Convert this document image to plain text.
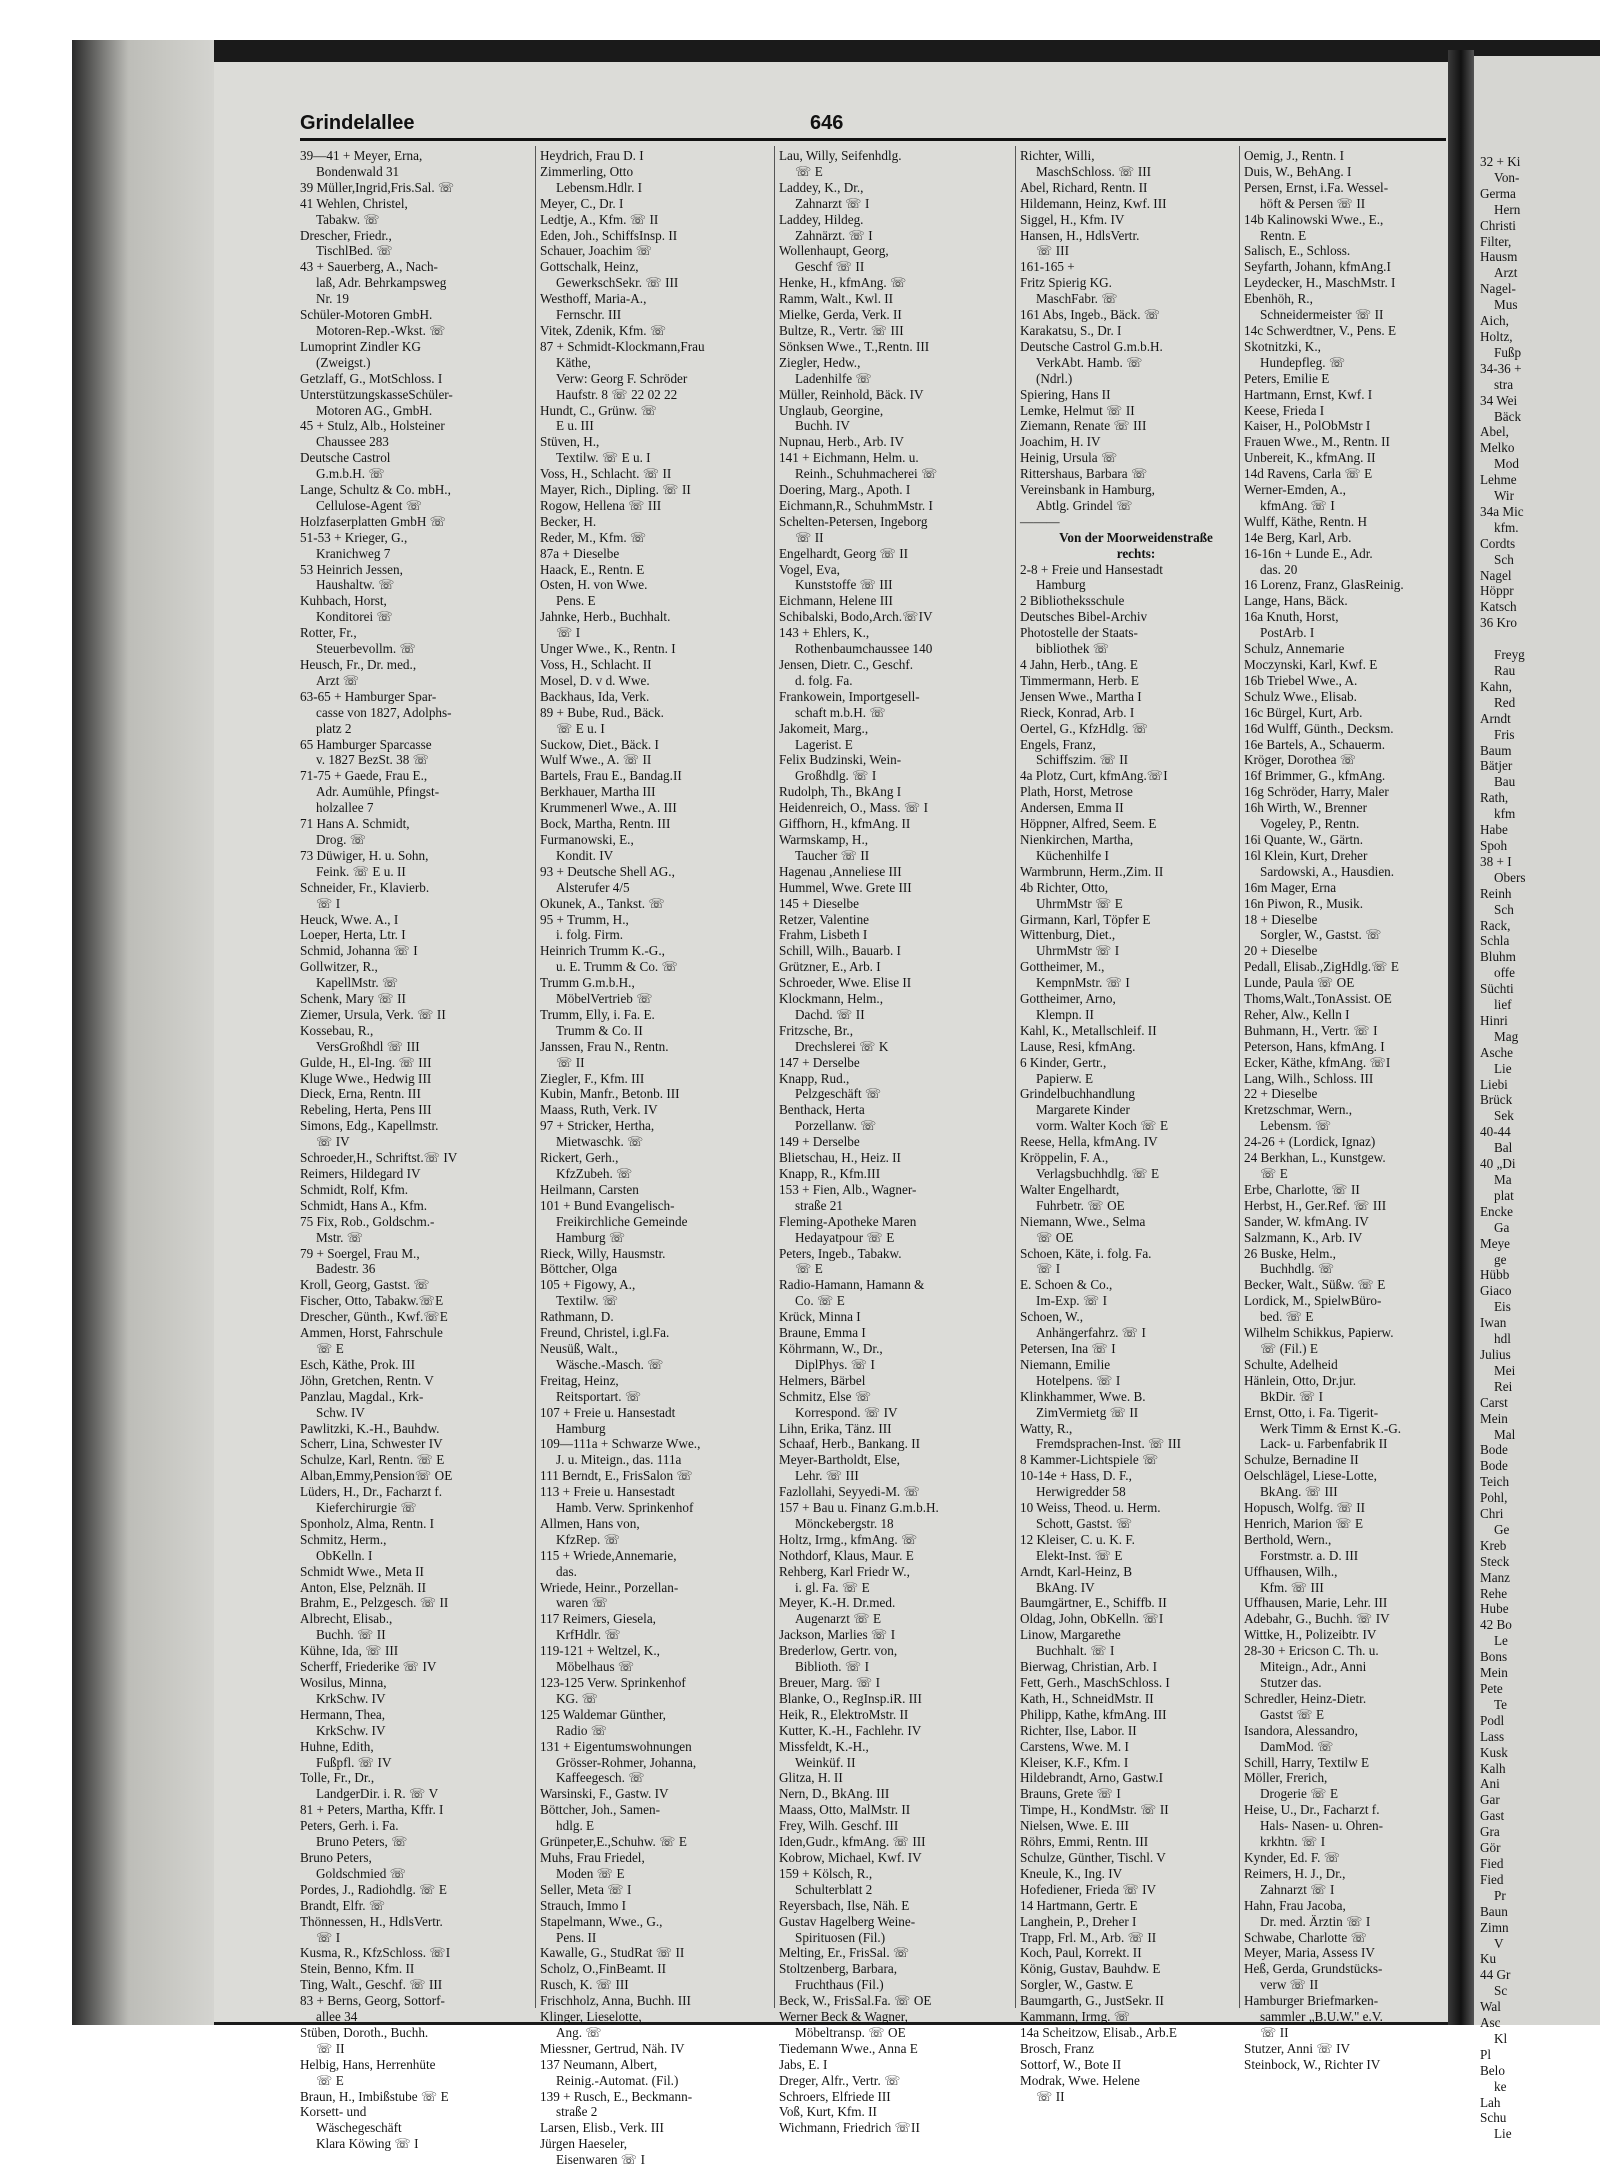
Grindelallee	646
39—41 + Meyer, Erna,
Bondenwald 31
39 Müller,Ingrid,Fris.Sal. ☏
41 Wehlen, Christel,
Tabakw. ☏
Drescher, Friedr.,
TischlBed. ☏
43 + Sauerberg, A., Nach-
laß, Adr. Behrkampsweg
Nr. 19
Schüler-Motoren GmbH.
Motoren-Rep.-Wkst. ☏
Lumoprint Zindler KG
(Zweigst.)
Getzlaff, G., MotSchloss. I
UnterstützungskasseSchüler-
Motoren AG., GmbH.
45 + Stulz, Alb., Holsteiner
Chaussee 283
Deutsche Castrol
G.m.b.H. ☏
Lange, Schultz & Co. mbH.,
Cellulose-Agent ☏
Holzfaserplatten GmbH ☏
51-53 + Krieger, G.,
Kranichweg 7
53 Heinrich Jessen,
Haushaltw. ☏
Kuhbach, Horst,
Konditorei ☏
Rotter, Fr.,
Steuerbevollm. ☏
Heusch, Fr., Dr. med.,
Arzt ☏
63-65 + Hamburger Spar-
casse von 1827, Adolphs-
platz 2
65 Hamburger Sparcasse
v. 1827 BezSt. 38 ☏
71-75 + Gaede, Frau E.,
Adr. Aumühle, Pfingst-
holzallee 7
71 Hans A. Schmidt,
Drog. ☏
73 Düwiger, H. u. Sohn,
Feink. ☏ E u. II
Schneider, Fr., Klavierb.
☏ I
Heuck, Wwe. A., I
Loeper, Herta, Ltr. I
Schmid, Johanna ☏ I
Gollwitzer, R.,
KapellMstr. ☏
Schenk, Mary ☏ II
Ziemer, Ursula, Verk. ☏ II
Kossebau, R.,
VersGroßhdl ☏ III
Gulde, H., El-Ing. ☏ III
Kluge Wwe., Hedwig III
Dieck, Erna, Rentn. III
Rebeling, Herta, Pens III
Simons, Edg., Kapellmstr.
☏ IV
Schroeder,H., Schriftst.☏ IV
Reimers, Hildegard IV
Schmidt, Rolf, Kfm.
Schmidt, Hans A., Kfm.
75 Fix, Rob., Goldschm.-
Mstr. ☏
79 + Soergel, Frau M.,
Badestr. 36
Kroll, Georg, Gastst. ☏
Fischer, Otto, Tabakw.☏E
Drescher, Günth., Kwf.☏E
Ammen, Horst, Fahrschule
☏ E
Esch, Käthe, Prok. III
Jöhn, Gretchen, Rentn. V
Panzlau, Magdal., Krk-
Schw. IV
Pawlitzki, K.-H., Bauhdw.
Scherr, Lina, Schwester IV
Schulze, Karl, Rentn. ☏ E
Alban,Emmy,Pension☏ OE
Lüders, H., Dr., Facharzt f.
Kieferchirurgie ☏
Sponholz, Alma, Rentn. I
Schmitz, Herm.,
ObKelln. I
Schmidt Wwe., Meta II
Anton, Else, Pelznäh. II
Brahm, E., Pelzgesch. ☏ II
Albrecht, Elisab.,
Buchh. ☏ II
Kühne, Ida, ☏ III
Scherff, Friederike ☏ IV
Wosilus, Minna,
KrkSchw. IV
Hermann, Thea,
KrkSchw. IV
Huhne, Edith,
Fußpfl. ☏ IV
Tolle, Fr., Dr.,
LandgerDir. i. R. ☏ V
81 + Peters, Martha, Kffr. I
Peters, Gerh. i. Fa.
Bruno Peters, ☏
Bruno Peters,
Goldschmied ☏
Pordes, J., Radiohdlg. ☏ E
Brandt, Elfr. ☏
Thönnessen, H., HdlsVertr.
☏ I
Kusma, R., KfzSchloss. ☏I
Stein, Benno, Kfm. II
Ting, Walt., Geschf. ☏ III
83 + Berns, Georg, Sottorf-
allee 34
Stüben, Doroth., Buchh.
☏ II
Helbig, Hans, Herrenhüte
☏ E
Braun, H., Imbißstube ☏ E
Korsett- und
Wäschegeschäft
Klara Köwing ☏ I
Heydrich, Frau D. I
Zimmerling, Otto
Lebensm.Hdlr. I
Meyer, C., Dr. I
Ledtje, A., Kfm. ☏ II
Eden, Joh., SchiffsInsp. II
Schauer, Joachim ☏
Gottschalk, Heinz,
GewerkschSekr. ☏ III
Westhoff, Maria-A.,
Fernschr. III
Vitek, Zdenik, Kfm. ☏
87 + Schmidt-Klockmann,Frau
Käthe,
Verw: Georg F. Schröder
Haufstr. 8 ☏ 22 02 22
Hundt, C., Grünw. ☏
E u. III
Stüven, H.,
Textilw. ☏ E u. I
Voss, H., Schlacht. ☏ II
Mayer, Rich., Dipling. ☏ II
Rogow, Hellena ☏ III
Becker, H.
Reder, M., Kfm. ☏
87a + Dieselbe
Haack, E., Rentn. E
Osten, H. von Wwe.
Pens. E
Jahnke, Herb., Buchhalt.
☏ I
Unger Wwe., K., Rentn. I
Voss, H., Schlacht. II
Mosel, D. v d. Wwe.
Backhaus, Ida, Verk.
89 + Bube, Rud., Bäck.
☏ E u. I
Suckow, Diet., Bäck. I
Wulf Wwe., A. ☏ II
Bartels, Frau E., Bandag.II
Berkhauer, Martha III
Krummenerl Wwe., A. III
Bock, Martha, Rentn. III
Furmanowski, E.,
Kondit. IV
93 + Deutsche Shell AG.,
Alsterufer 4/5
Okunek, A., Tankst. ☏
95 + Trumm, H.,
i. folg. Firm.
Heinrich Trumm K.-G.,
u. E. Trumm & Co. ☏
Trumm G.m.b.H.,
MöbelVertrieb ☏
Trumm, Elly, i. Fa. E.
Trumm & Co. II
Janssen, Frau N., Rentn.
☏ II
Ziegler, F., Kfm. III
Kubin, Manfr., Betonb. III
Maass, Ruth, Verk. IV
97 + Stricker, Hertha,
Mietwaschk. ☏
Rickert, Gerh.,
KfzZubeh. ☏
Heilmann, Carsten
101 + Bund Evangelisch-
Freikirchliche Gemeinde
Hamburg ☏
Rieck, Willy, Hausmstr.
Böttcher, Olga
105 + Figowy, A.,
Textilw. ☏
Rathmann, D.
Freund, Christel, i.gl.Fa.
Neusüß, Walt.,
Wäsche.-Masch. ☏
Freitag, Heinz,
Reitsportart. ☏
107 + Freie u. Hansestadt
Hamburg
109—111a + Schwarze Wwe.,
J. u. Miteign., das. 111a
111 Berndt, E., FrisSalon ☏
113 + Freie u. Hansestadt
Hamb. Verw. Sprinkenhof
Allmen, Hans von,
KfzRep. ☏
115 + Wriede,Annemarie,
das.
Wriede, Heinr., Porzellan-
waren ☏
117 Reimers, Giesela,
KrfHdlr. ☏
119-121 + Weltzel, K.,
Möbelhaus ☏
123-125 Verw. Sprinkenhof
KG. ☏
125 Waldemar Günther,
Radio ☏
131 + Eigentumswohnungen
Grösser-Rohmer, Johanna,
Kaffeegesch. ☏
Warsinski, F., Gastw. IV
Böttcher, Joh., Samen-
hdlg. E
Grünpeter,E.,Schuhw. ☏ E
Muhs, Frau Friedel,
Moden ☏ E
Seller, Meta ☏ I
Strauch, Immo I
Stapelmann, Wwe., G.,
Pens. II
Kawalle, G., StudRat ☏ II
Scholz, O.,FinBeamt. II
Rusch, K. ☏ III
Frischholz, Anna, Buchh. III
Klinger, Lieselotte,
Ang. ☏
Miessner, Gertrud, Näh. IV
137 Neumann, Albert,
Reinig.-Automat. (Fil.)
139 + Rusch, E., Beckmann-
straße 2
Larsen, Elisb., Verk. III
Jürgen Haeseler,
Eisenwaren ☏ I
Lau, Willy, Seifenhdlg.
☏ E
Laddey, K., Dr.,
Zahnarzt ☏ I
Laddey, Hildeg.
Zahnärzt. ☏ I
Wollenhaupt, Georg,
Geschf ☏ II
Henke, H., kfmAng. ☏
Ramm, Walt., Kwl. II
Mielke, Gerda, Verk. II
Bultze, R., Vertr. ☏ III
Sönksen Wwe., T.,Rentn. III
Ziegler, Hedw.,
Ladenhilfe ☏
Müller, Reinhold, Bäck. IV
Unglaub, Georgine,
Buchh. IV
Nupnau, Herb., Arb. IV
141 + Eichmann, Helm. u.
Reinh., Schuhmacherei ☏
Doering, Marg., Apoth. I
Eichmann,R., SchuhmMstr. I
Schelten-Petersen, Ingeborg
☏ II
Engelhardt, Georg ☏ II
Vogel, Eva,
Kunststoffe ☏ III
Eichmann, Helene III
Schibalski, Bodo,Arch.☏IV
143 + Ehlers, K.,
Rothenbaumchaussee 140
Jensen, Dietr. C., Geschf.
d. folg. Fa.
Frankowein, Importgesell-
schaft m.b.H. ☏
Jakomeit, Marg.,
Lagerist. E
Felix Budzinski, Wein-
Großhdlg. ☏ I
Rudolph, Th., BkAng I
Heidenreich, O., Mass. ☏ I
Giffhorn, H., kfmAng. II
Warmskamp, H.,
Taucher ☏ II
Hagenau ,Anneliese III
Hummel, Wwe. Grete III
145 + Dieselbe
Retzer, Valentine
Frahm, Lisbeth I
Schill, Wilh., Bauarb. I
Grützner, E., Arb. I
Schroeder, Wwe. Elise II
Klockmann, Helm.,
Dachd. ☏ II
Fritzsche, Br.,
Drechslerei ☏ K
147 + Derselbe
Knapp, Rud.,
Pelzgeschäft ☏
Benthack, Herta
Porzellanw. ☏
149 + Derselbe
Blietschau, H., Heiz. II
Knapp, R., Kfm.III
153 + Fien, Alb., Wagner-
straße 21
Fleming-Apotheke Maren
Hedayatpour ☏ E
Peters, Ingeb., Tabakw.
☏ E
Radio-Hamann, Hamann &
Co. ☏ E
Krück, Minna I
Braune, Emma I
Köhrmann, W., Dr.,
DiplPhys. ☏ I
Helmers, Bärbel
Schmitz, Else ☏
Korrespond. ☏ IV
Lihn, Erika, Tänz. III
Schaaf, Herb., Bankang. II
Meyer-Bartholdt, Else,
Lehr. ☏ III
Fazlollahi, Seyyedi-M. ☏
157 + Bau u. Finanz G.m.b.H.
Mönckebergstr. 18
Holtz, Irmg., kfmAng. ☏
Nothdorf, Klaus, Maur. E
Rehberg, Karl Friedr W.,
i. gl. Fa. ☏ E
Meyer, K.-H. Dr.med.
Augenarzt ☏ E
Jackson, Marlies ☏ I
Brederlow, Gertr. von,
Biblioth. ☏ I
Breuer, Marg. ☏ I
Blanke, O., RegInsp.iR. III
Heik, R., ElektroMstr. II
Kutter, K.-H., Fachlehr. IV
Missfeldt, K.-H.,
Weinküf. II
Glitza, H. II
Nern, D., BkAng. III
Maass, Otto, MalMstr. II
Frey, Wilh. Geschf. III
Iden,Gudr., kfmAng. ☏ III
Kobrow, Michael, Kwf. IV
159 + Kölsch, R.,
Schulterblatt 2
Reyersbach, Ilse, Näh. E
Gustav Hagelberg Weine-
Spirituosen (Fil.)
Melting, Er., FrisSal. ☏
Stoltzenberg, Barbara,
Fruchthaus (Fil.)
Beck, W., FrisSal.Fa. ☏ OE
Werner Beck & Wagner,
Möbeltransp. ☏ OE
Tiedemann Wwe., Anna E
Jabs, E. I
Dreger, Alfr., Vertr. ☏
Schroers, Elfriede III
Voß, Kurt, Kfm. II
Wichmann, Friedrich ☏II
Richter, Willi,
MaschSchloss. ☏ III
Abel, Richard, Rentn. II
Hildemann, Heinz, Kwf. III
Siggel, H., Kfm. IV
Hansen, H., HdlsVertr.
☏ III
161-165 +
Fritz Spierig KG.
MaschFabr. ☏
161 Abs, Ingeb., Bäck. ☏
Karakatsu, S., Dr. I
Deutsche Castrol G.m.b.H.
VerkAbt. Hamb. ☏
(Ndrl.)
Spiering, Hans II
Lemke, Helmut ☏ II
Ziemann, Renate ☏ III
Joachim, H. IV
Heinig, Ursula ☏
Rittershaus, Barbara ☏
Vereinsbank in Hamburg,
Abtlg. Grindel ☏
———
Von der Moorweidenstraße
rechts:
2-8 + Freie und Hansestadt
Hamburg
2 Bibliotheksschule
Deutsches Bibel-Archiv
Photostelle der Staats-
bibliothek ☏
4 Jahn, Herb., tAng. E
Timmermann, Herb. E
Jensen Wwe., Martha I
Rieck, Konrad, Arb. I
Oertel, G., KfzHdlg. ☏
Engels, Franz,
Schiffszim. ☏ II
4a Plotz, Curt, kfmAng.☏I
Plath, Horst, Metrose
Andersen, Emma II
Höppner, Alfred, Seem. E
Nienkirchen, Martha,
Küchenhilfe I
Warmbrunn, Herm.,Zim. II
4b Richter, Otto,
UhrmMstr ☏ E
Girmann, Karl, Töpfer E
Wittenburg, Diet.,
UhrmMstr ☏ I
Gottheimer, M.,
KempnMstr. ☏ I
Gottheimer, Arno,
Klempn. II
Kahl, K., Metallschleif. II
Lause, Resi, kfmAng.
6 Kinder, Gertr.,
Papierw. E
Grindelbuchhandlung
Margarete Kinder
vorm. Walter Koch ☏ E
Reese, Hella, kfmAng. IV
Kröppelin, F. A.,
Verlagsbuchhdlg. ☏ E
Walter Engelhardt,
Fuhrbetr. ☏ OE
Niemann, Wwe., Selma
☏ OE
Schoen, Käte, i. folg. Fa.
☏ I
E. Schoen & Co.,
Im-Exp. ☏ I
Schoen, W.,
Anhängerfahrz. ☏ I
Petersen, Ina ☏ I
Niemann, Emilie
Hotelpens. ☏ I
Klinkhammer, Wwe. B.
ZimVermietg ☏ II
Watty, R.,
Fremdsprachen-Inst. ☏ III
8 Kammer-Lichtspiele ☏
10-14e + Hass, D. F.,
Herwigredder 58
10 Weiss, Theod. u. Herm.
Schott, Gastst. ☏
12 Kleiser, C. u. K. F.
Elekt-Inst. ☏ E
Arndt, Karl-Heinz, B
BkAng. IV
Baumgärtner, E., Schiffb. II
Oldag, John, ObKelln. ☏I
Linow, Margarethe
Buchhalt. ☏ I
Bierwag, Christian, Arb. I
Fett, Gerh., MaschSchloss. I
Kath, H., SchneidMstr. II
Philipp, Kathe, kfmAng. III
Richter, Ilse, Labor. II
Carstens, Wwe. M. I
Kleiser, K.F., Kfm. I
Hildebrandt, Arno, Gastw.I
Brauns, Grete ☏ I
Timpe, H., KondMstr. ☏ II
Nielsen, Wwe. E. III
Röhrs, Emmi, Rentn. III
Schulze, Günther, Tischl. V
Kneule, K., Ing. IV
Hofediener, Frieda ☏ IV
14 Hartmann, Gertr. E
Langhein, P., Dreher I
Trapp, Frl. M., Arb. ☏ II
Koch, Paul, Korrekt. II
König, Gustav, Bauhdw. E
Sorgler, W., Gastw. E
Baumgarth, G., JustSekr. II
Kammann, Irmg. ☏
14a Scheitzow, Elisab., Arb.E
Brosch, Franz
Sottorf, W., Bote II
Modrak, Wwe. Helene
☏ II
Oemig, J., Rentn. I
Duis, W., BehAng. I
Persen, Ernst, i.Fa. Wessel-
höft & Persen ☏ II
14b Kalinowski Wwe., E.,
Rentn. E
Salisch, E., Schloss.
Seyfarth, Johann, kfmAng.I
Leydecker, H., MaschMstr. I
Ebenhöh, R.,
Schneidermeister ☏ II
14c Schwerdtner, V., Pens. E
Skotnitzki, K.,
Hundepfleg. ☏
Peters, Emilie E
Hartmann, Ernst, Kwf. I
Keese, Frieda I
Kaiser, H., PolObMstr I
Frauen Wwe., M., Rentn. II
Unbereit, K., kfmAng. II
14d Ravens, Carla ☏ E
Werner-Emden, A.,
kfmAng. ☏ I
Wulff, Käthe, Rentn. H
14e Berg, Karl, Arb.
16-16n + Lunde E., Adr.
das. 20
16 Lorenz, Franz, GlasReinig.
Lange, Hans, Bäck.
16a Knuth, Horst,
PostArb. I
Schulz, Annemarie
Moczynski, Karl, Kwf. E
16b Triebel Wwe., A.
Schulz Wwe., Elisab.
16c Bürgel, Kurt, Arb.
16d Wulff, Günth., Decksm.
16e Bartels, A., Schauerm.
Kröger, Dorothea ☏
16f Brimmer, G., kfmAng.
16g Schröder, Harry, Maler
16h Wirth, W., Brenner
Vogeley, P., Rentn.
16i Quante, W., Gärtn.
16l Klein, Kurt, Dreher
Sardowski, A., Hausdien.
16m Mager, Erna
16n Piwon, R., Musik.
18 + Dieselbe
Sorgler, W., Gastst. ☏
20 + Dieselbe
Pedall, Elisab.,ZigHdlg.☏ E
Lunde, Paula ☏ OE
Thoms,Walt.,TonAssist. OE
Reher, Alw., Kelln I
Buhmann, H., Vertr. ☏ I
Peterson, Hans, kfmAng. I
Ecker, Käthe, kfmAng. ☏I
Lang, Wilh., Schloss. III
22 + Dieselbe
Kretzschmar, Wern.,
Lebensm. ☏
24-26 + (Lordick, Ignaz)
24 Berkhan, L., Kunstgew.
☏ E
Erbe, Charlotte, ☏ II
Herbst, H., Ger.Ref. ☏ III
Sander, W. kfmAng. IV
Salzmann, K., Arb. IV
26 Buske, Helm.,
Buchhdlg. ☏
Becker, Walt., Süßw. ☏ E
Lordick, M., SpielwBüro-
bed. ☏ E
Wilhelm Schikkus, Papierw.
☏ (Fil.) E
Schulte, Adelheid
Hänlein, Otto, Dr.jur.
BkDir. ☏ I
Ernst, Otto, i. Fa. Tigerit-
Werk Timm & Ernst K.-G.
Lack- u. Farbenfabrik II
Schulze, Bernadine II
Oelschlägel, Liese-Lotte,
BkAng. ☏ III
Hopusch, Wolfg. ☏ II
Henrich, Marion ☏ E
Berthold, Wern.,
Forstmstr. a. D. III
Uffhausen, Wilh.,
Kfm. ☏ III
Uffhausen, Marie, Lehr. III
Adebahr, G., Buchh. ☏ IV
Wittke, H., Polizeibtr. IV
28-30 + Ericson C. Th. u.
Miteign., Adr., Anni
Stutzer das.
Schredler, Heinz-Dietr.
Gastst ☏ E
Isandora, Alessandro,
DamMod. ☏
Schill, Harry, Textilw E
Möller, Frerich,
Drogerie ☏ E
Heise, U., Dr., Facharzt f.
Hals- Nasen- u. Ohren-
krkhtn. ☏ I
Kynder, Ed. F. ☏
Reimers, H. J., Dr.,
Zahnarzt ☏ I
Hahn, Frau Jacoba,
Dr. med. Ärztin ☏ I
Schwabe, Charlotte ☏
Meyer, Maria, Assess IV
Heß, Gerda, Grundstücks-
verw ☏ II
Hamburger Briefmarken-
sammler „B.U.W." e.V.
☏ II
Stutzer, Anni ☏ IV
Steinbock, W., Richter IV
32 + Ki
Von-
Germa
Hern
Christi
Filter,
Hausm
Arzt
Nagel-
Mus
Aich,
Holtz,
Fußp
34-36 +
stra
34 Wei
Bäck
Abel,
Melko
Mod
Lehme
Wir
34a Mic
kfm.
Cordts
Sch
Nagel
Höppr
Katsch
36 Kro

Freyg
Rau
Kahn,
Red
Arndt
Fris
Baum
Bätjer
Bau
Rath,
kfm
Habe
Spoh
38 + I
Obers
Reinh
Sch
Rack,
Schla
Bluhm
offe
Süchti
lief
Hinri
Mag
Asche
Lie
Liebi
Brück
Sek
40-44
Bal
40 „Di
Ma
plat
Encke
Ga
Meye
ge
Hübb
Giaco
Eis
Iwan
hdl
Julius
Mei
Rei
Carst
Mein
Mal
Bode
Bode
Teich
Pohl,
Chri
Ge
Kreb
Steck
Manz
Rehe
Hube
42 Bo
Le
Bons
Mein
Pete
Te
Podl
Lass
Kusk
Kalh
Ani
Gar
Gast
Gra
Gör
Fied
Fied
Pr
Baun
Zimn
V
Ku
44 Gr
Sc
Wal
Asc
Kl
Pl
Belo
ke
Lah
Schu
Lie
